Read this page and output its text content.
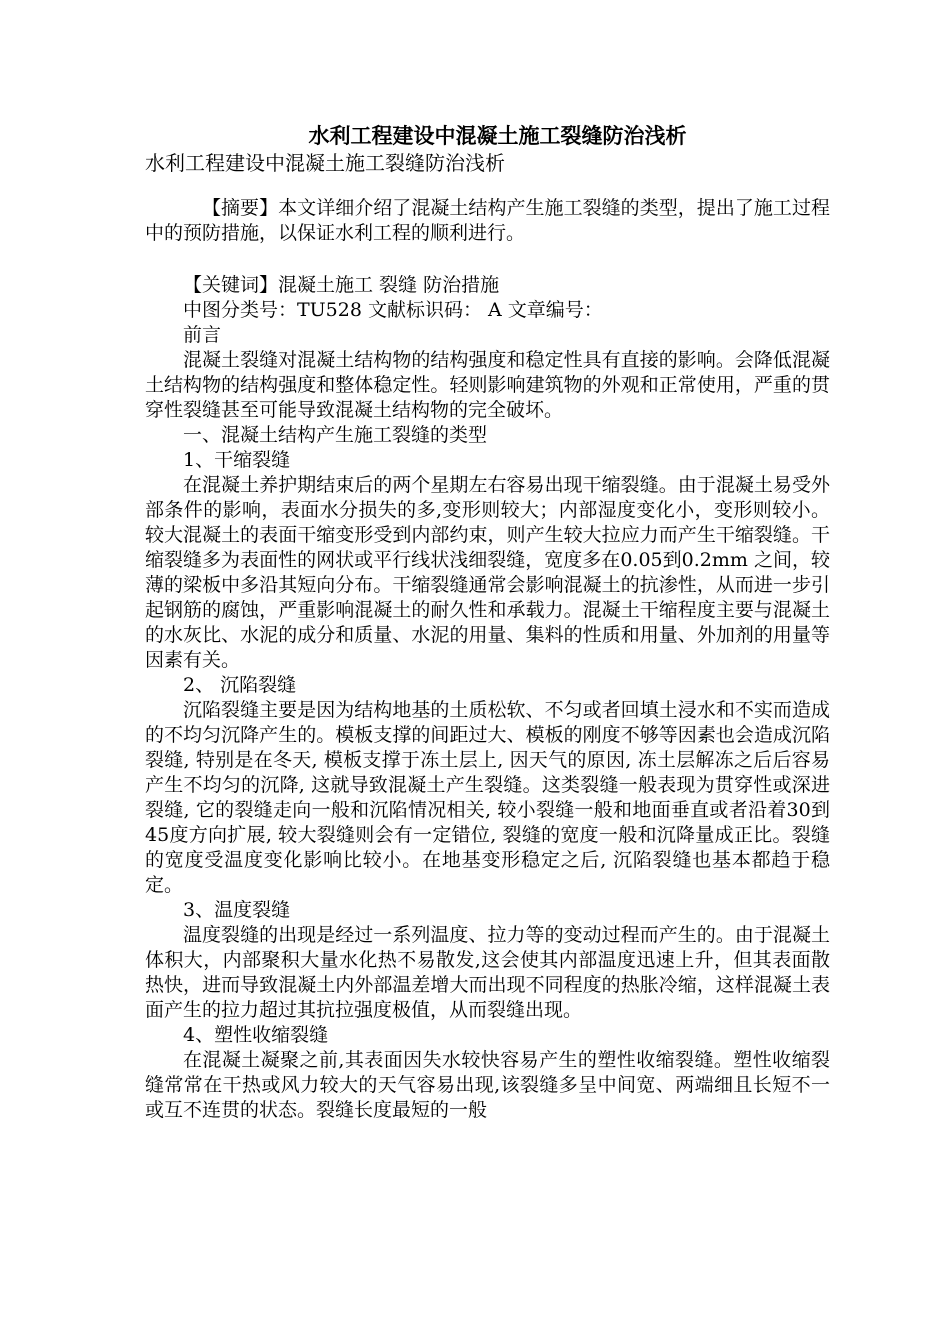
水利工程建设中混凝土施工裂缝防治浅析

水利工程建设中混凝土施工裂缝防治浅析

【摘要】本文详细介绍了混凝土结构产生施工裂缝的类型，提出了施工过程中的预防措施，以保证水利工程的顺利进行。

【关键词】混凝土施工 裂缝 防治措施

中图分类号：TU528 文献标识码： A 文章编号：

前言

混凝土裂缝对混凝土结构物的结构强度和稳定性具有直接的影响。会降低混凝土结构物的结构强度和整体稳定性。轻则影响建筑物的外观和正常使用，严重的贯穿性裂缝甚至可能导致混凝土结构物的完全破坏。

一、混凝土结构产生施工裂缝的类型

1、干缩裂缝

在混凝土养护期结束后的两个星期左右容易出现干缩裂缝。由于混凝土易受外部条件的影响，表面水分损失的多,变形则较大；内部湿度变化小，变形则较小。较大混凝土的表面干缩变形受到内部约束，则产生较大拉应力而产生干缩裂缝。干缩裂缝多为表面性的网状或平行线状浅细裂缝，宽度多在0.05到0.2mm 之间，较薄的梁板中多沿其短向分布。干缩裂缝通常会影响混凝土的抗渗性，从而进一步引起钢筋的腐蚀，严重影响混凝土的耐久性和承载力。混凝土干缩程度主要与混凝土的水灰比、水泥的成分和质量、水泥的用量、集料的性质和用量、外加剂的用量等因素有关。

2、 沉陷裂缝

沉陷裂缝主要是因为结构地基的土质松软、不匀或者回填土浸水和不实而造成的不均匀沉降产生的。模板支撑的间距过大、模板的刚度不够等因素也会造成沉陷裂缝, 特别是在冬天, 模板支撑于冻土层上, 因天气的原因, 冻土层解冻之后后容易产生不均匀的沉降, 这就导致混凝土产生裂缝。这类裂缝一般表现为贯穿性或深进裂缝, 它的裂缝走向一般和沉陷情况相关, 较小裂缝一般和地面垂直或者沿着30到45度方向扩展, 较大裂缝则会有一定错位, 裂缝的宽度一般和沉降量成正比。裂缝的宽度受温度变化影响比较小。在地基变形稳定之后, 沉陷裂缝也基本都趋于稳定。

3、温度裂缝

温度裂缝的出现是经过一系列温度、拉力等的变动过程而产生的。由于混凝土体积大，内部聚积大量水化热不易散发,这会使其内部温度迅速上升，但其表面散热快，进而导致混凝土内外部温差增大而出现不同程度的热胀冷缩，这样混凝土表面产生的拉力超过其抗拉强度极值，从而裂缝出现。

4、塑性收缩裂缝

在混凝土凝聚之前,其表面因失水较快容易产生的塑性收缩裂缝。塑性收缩裂缝常常在干热或风力较大的天气容易出现,该裂缝多呈中间宽、两端细且长短不一或互不连贯的状态。裂缝长度最短的一般
